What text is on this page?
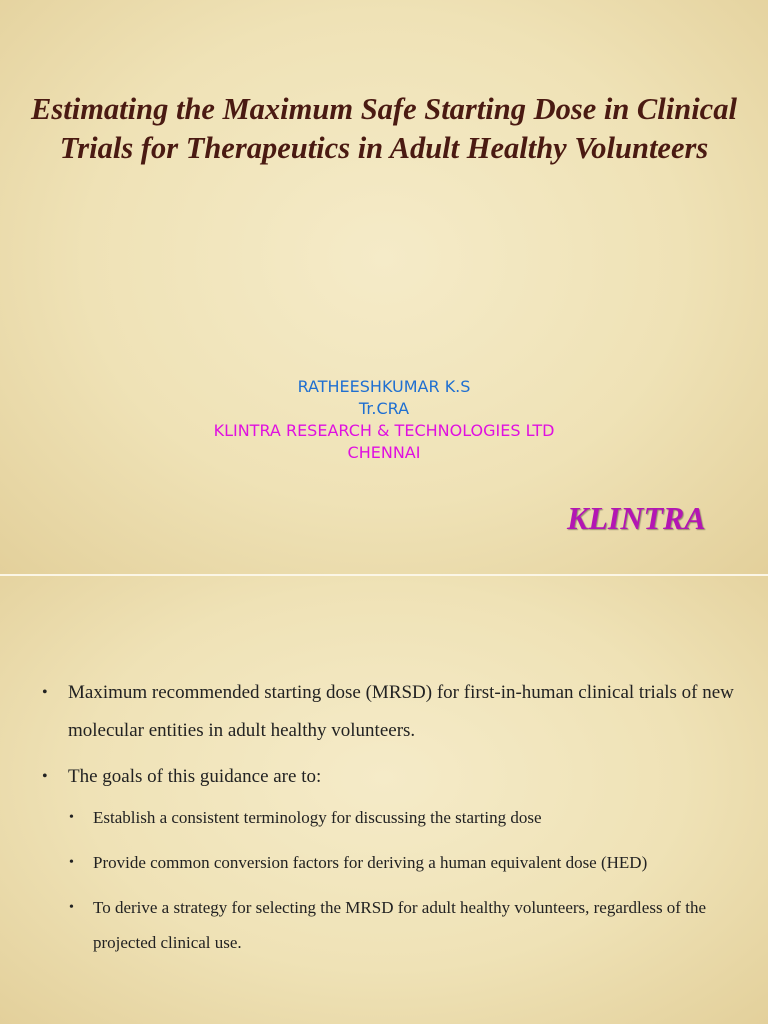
Estimating the Maximum Safe Starting Dose in Clinical Trials for Therapeutics in Adult Healthy Volunteers
RATHEESHKUMAR K.S
Tr.CRA
KLINTRA RESEARCH & TECHNOLOGIES LTD
CHENNAI
KLINTRA
• Maximum recommended starting dose (MRSD) for first-in-human clinical trials of new molecular entities in adult healthy volunteers.
• The goals of this guidance are to:
• Establish a consistent terminology for discussing the starting dose
• Provide common conversion factors for deriving a human equivalent dose (HED)
• To derive a strategy for selecting the MRSD for adult healthy volunteers, regardless of the projected clinical use.
